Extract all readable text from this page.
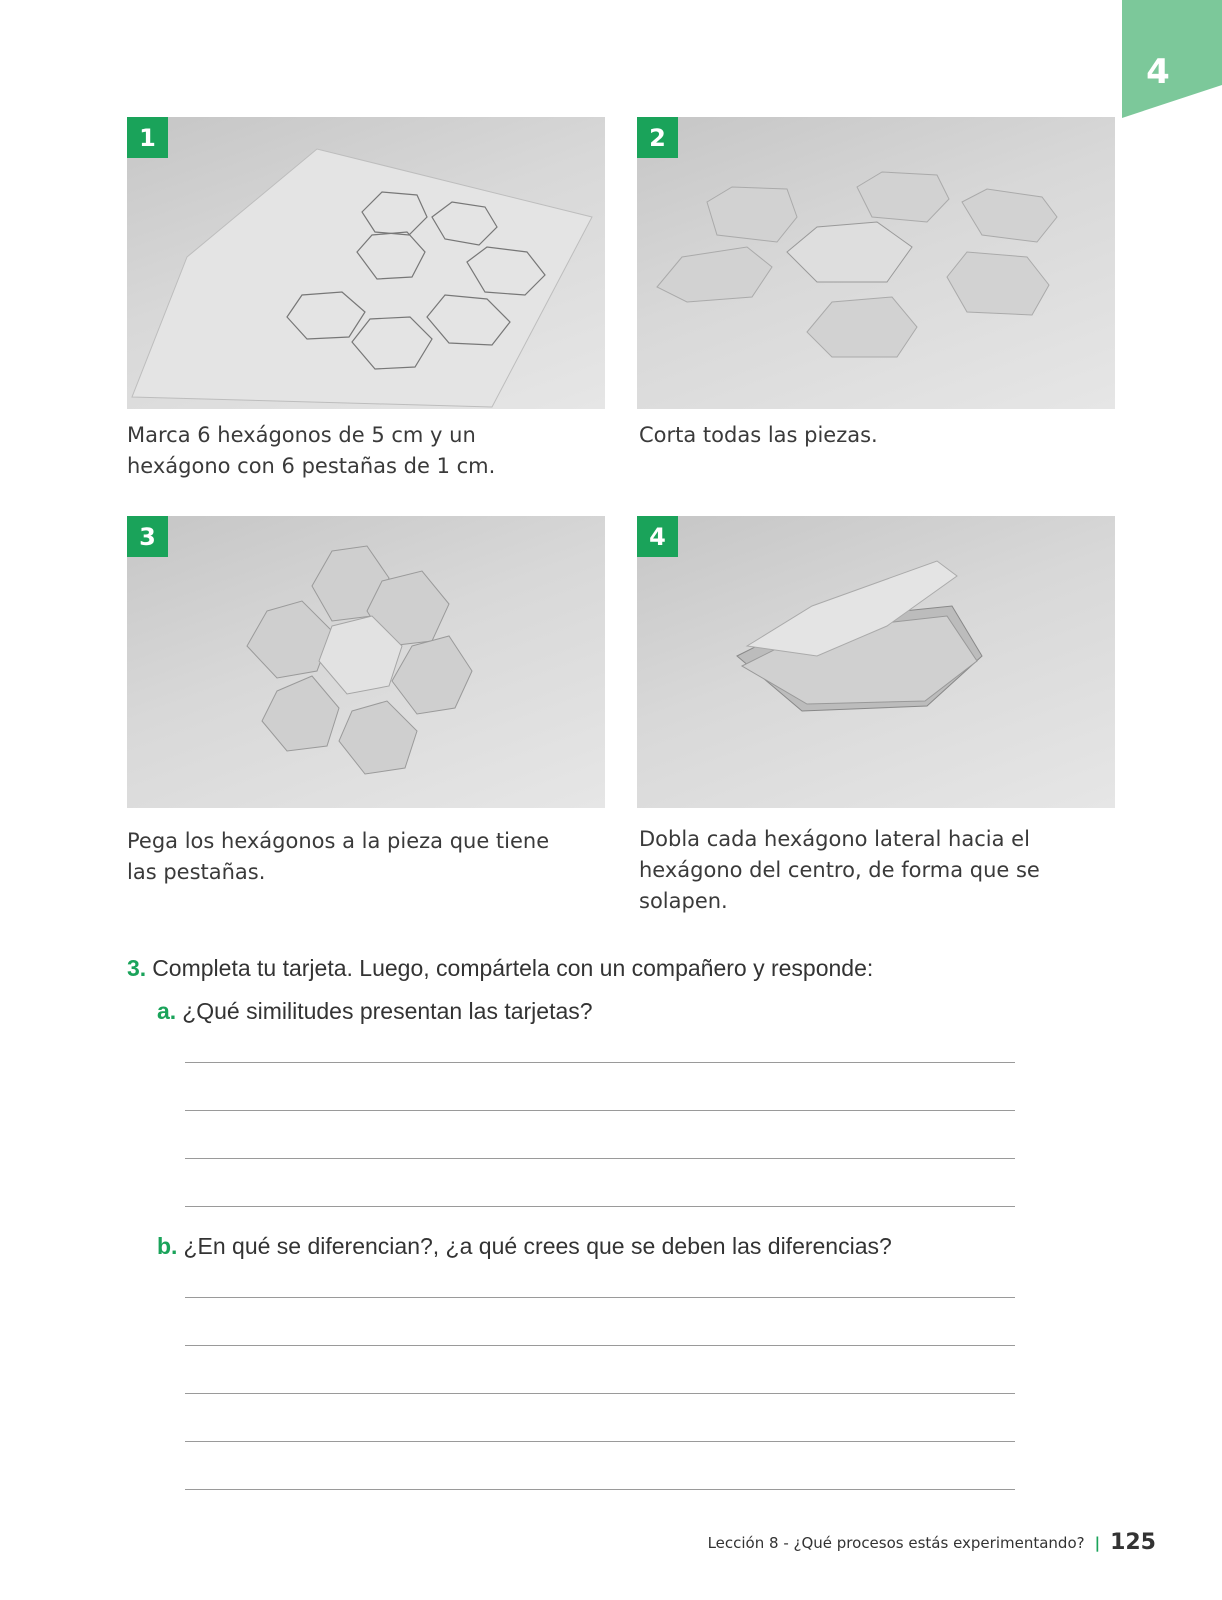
4
1
Marca 6 hexágonos de 5 cm y un hexágono con 6 pestañas de 1 cm.
2
Corta todas las piezas.
3
Pega los hexágonos a la pieza que tiene las pestañas.
4
Dobla cada hexágono lateral hacia el hexágono del centro, de forma que se solapen.
3. Completa tu tarjeta. Luego, compártela con un compañero y responde:
a. ¿Qué similitudes presentan las tarjetas?
b. ¿En qué se diferencian?, ¿a qué crees que se deben las diferencias?
Lección 8 - ¿Qué procesos estás experimentando? | 125
